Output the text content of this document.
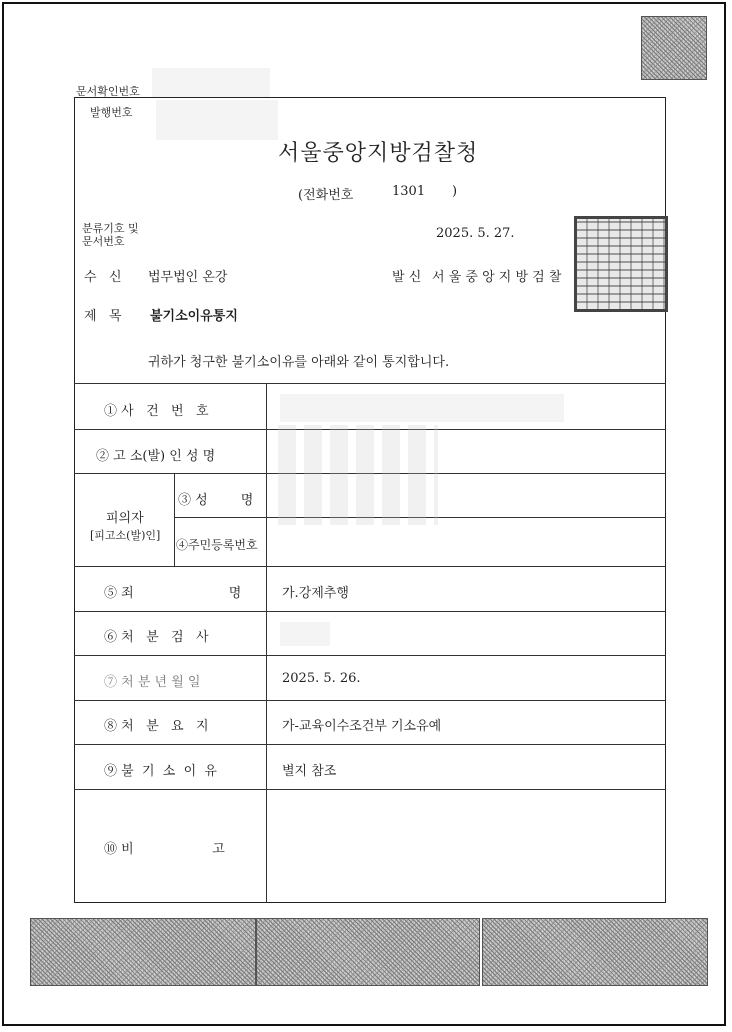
문서확인번호
발행번호
서울중앙지방검찰청
(전화번호	1301 )
분류기호 및
문서번호
2025. 5. 27.
수   신 법무법인 온강	발 신 서 울 중 앙 지 방 검 찰
제   목 불기소이유통지
귀하가 청구한 불기소이유를 아래와 같이 통지합니다.
① 사   건   번   호
② 고 소(발) 인 성 명
피의자
[피고소(발)인]
③ 성        명
④주민등록번호
⑤ 죄                       명	가.강제추행
⑥ 처   분   검   사
⑦ 처 분 년 월 일	2025. 5. 26.
⑧ 처   분   요   지	가-교육이수조건부 기소유예
⑨ 불  기  소  이  유	별지 참조
⑩ 비                   고
